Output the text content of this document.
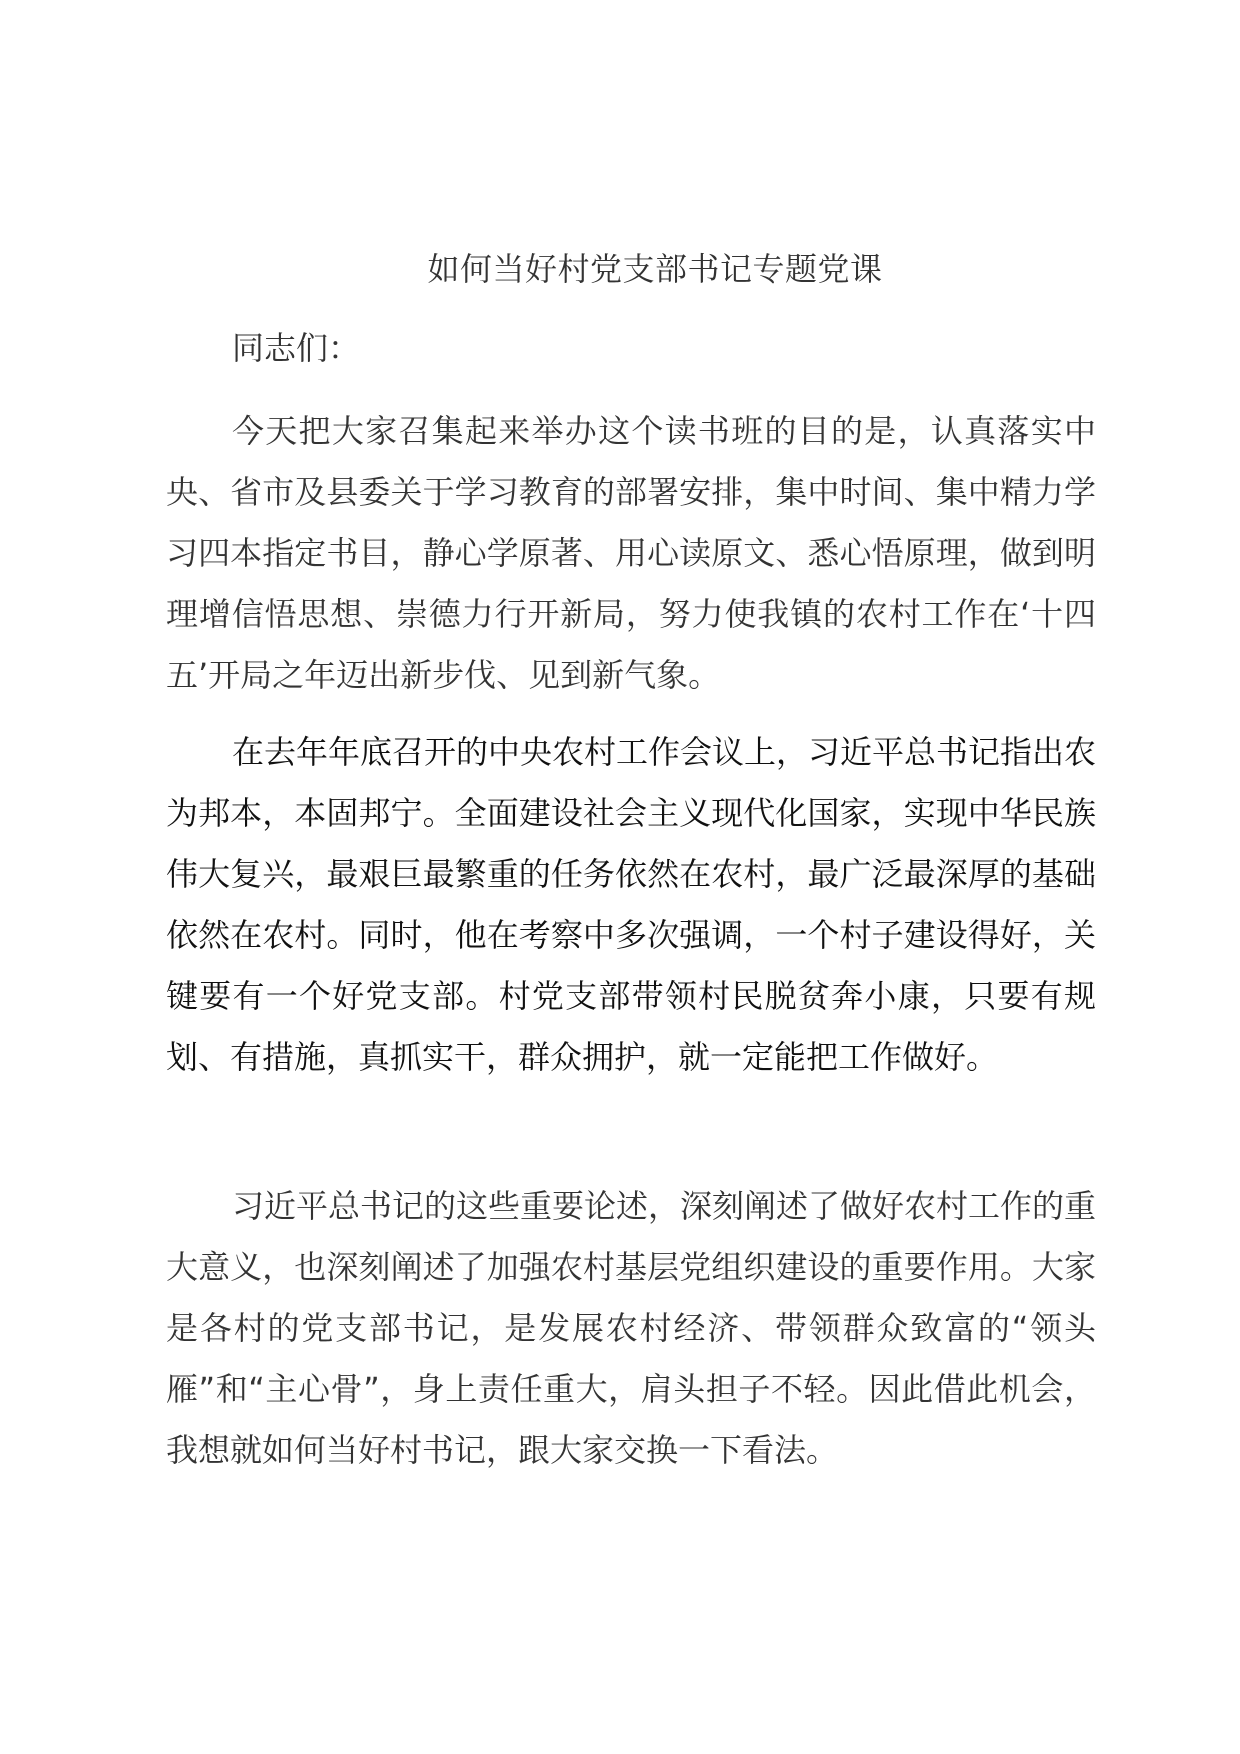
如何当好村党支部书记专题党课

同志们：

今天把大家召集起来举办这个读书班的目的是，认真落实中央、省市及县委关于学习教育的部署安排，集中时间、集中精力学习四本指定书目，静心学原著、用心读原文、悉心悟原理，做到明理增信悟思想、崇德力行开新局，努力使我镇的农村工作在‘十四五’开局之年迈出新步伐、见到新气象。

在去年年底召开的中央农村工作会议上，习近平总书记指出农为邦本，本固邦宁。全面建设社会主义现代化国家，实现中华民族伟大复兴，最艰巨最繁重的任务依然在农村，最广泛最深厚的基础依然在农村。同时，他在考察中多次强调，一个村子建设得好，关键要有一个好党支部。村党支部带领村民脱贫奔小康，只要有规划、有措施，真抓实干，群众拥护，就一定能把工作做好。

习近平总书记的这些重要论述，深刻阐述了做好农村工作的重大意义，也深刻阐述了加强农村基层党组织建设的重要作用。大家是各村的党支部书记，是发展农村经济、带领群众致富的“领头雁”和“主心骨”，身上责任重大，肩头担子不轻。因此借此机会，我想就如何当好村书记，跟大家交换一下看法。
